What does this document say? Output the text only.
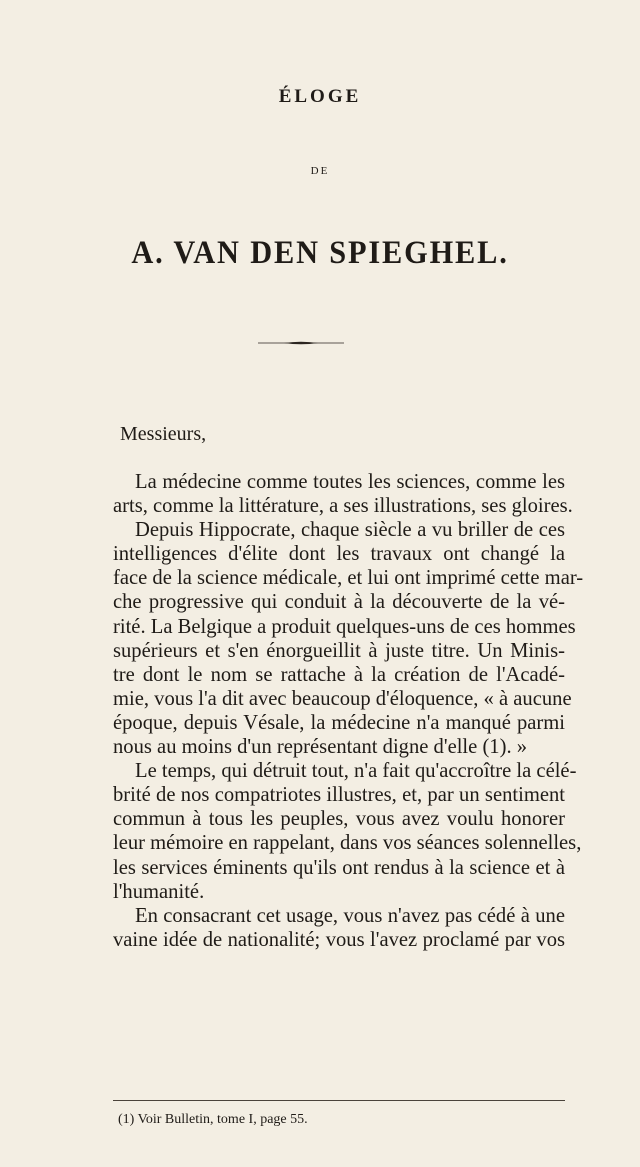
ÉLOGE
DE
A. VAN DEN SPIEGHEL.
Messieurs,
La médecine comme toutes les sciences, comme les
arts, comme la littérature, a ses illustrations, ses gloires.
Depuis Hippocrate, chaque siècle a vu briller de ces
intelligences d'élite dont les travaux ont changé la
face de la science médicale, et lui ont imprimé cette mar-
che progressive qui conduit à la découverte de la vé-
rité. La Belgique a produit quelques-uns de ces hommes
supérieurs et s'en énorgueillit à juste titre. Un Minis-
tre dont le nom se rattache à la création de l'Acadé-
mie, vous l'a dit avec beaucoup d'éloquence, « à aucune
époque, depuis Vésale, la médecine n'a manqué parmi
nous au moins d'un représentant digne d'elle (1). »
Le temps, qui détruit tout, n'a fait qu'accroître la célé-
brité de nos compatriotes illustres, et, par un sentiment
commun à tous les peuples, vous avez voulu honorer
leur mémoire en rappelant, dans vos séances solennelles,
les services éminents qu'ils ont rendus à la science et à
l'humanité.
En consacrant cet usage, vous n'avez pas cédé à une
vaine idée de nationalité; vous l'avez proclamé par vos
(1) Voir Bulletin, tome I, page 55.
